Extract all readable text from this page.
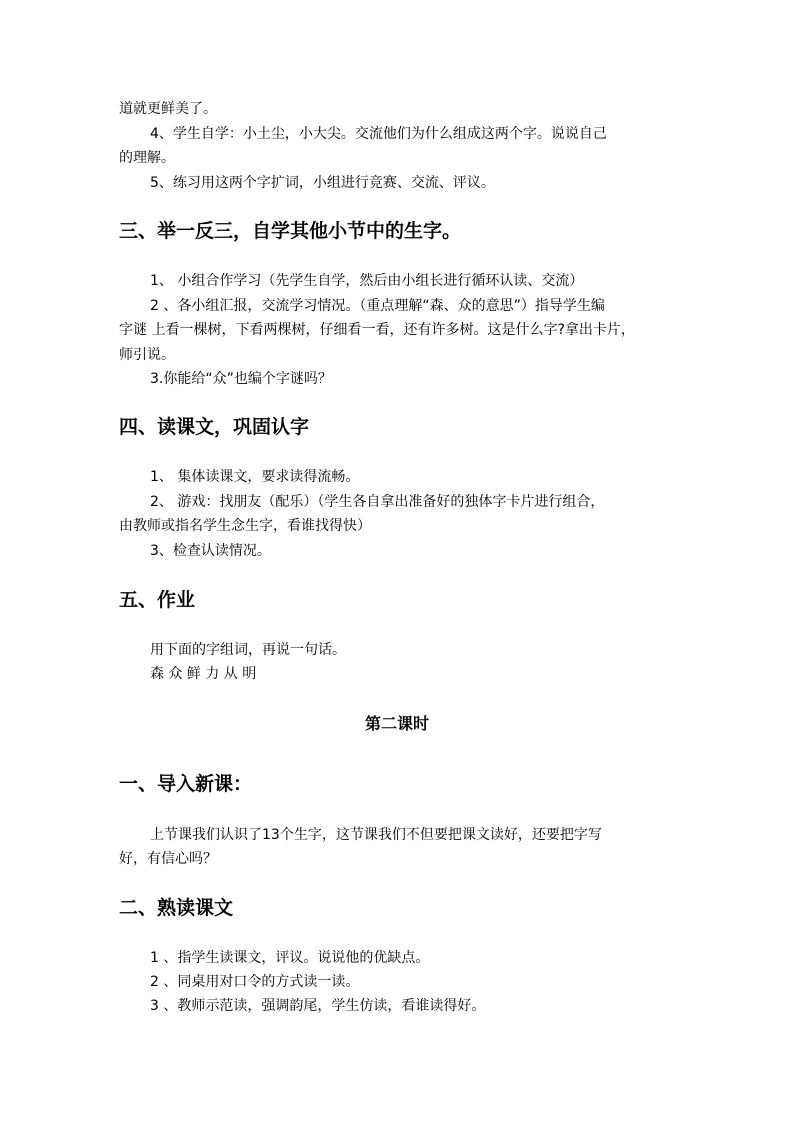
道就更鲜美了。
4、学生自学：小土尘，小大尖。交流他们为什么组成这两个字。说说自己
的理解。
5、练习用这两个字扩词，小组进行竞赛、交流、评议。
三、举一反三，自学其他小节中的生字。
1、 小组合作学习（先学生自学，然后由小组长进行循环认读、交流）
2 、各小组汇报，交流学习情况。（重点理解“森、众的意思”）指导学生编
字谜 上看一棵树，下看两棵树，仔细看一看，还有许多树。这是什么字?拿出卡片，
师引说。
3.你能给“众”也编个字谜吗？
四、读课文，巩固认字
1、 集体读课文，要求读得流畅。
2、 游戏：找朋友（配乐）（学生各自拿出准备好的独体字卡片进行组合，
由教师或指名学生念生字，看谁找得快）
3、检查认读情况。
五、作业
用下面的字组词，再说一句话。
森 众 鲜 力 从 明
第二课时
一、导入新课：
上节课我们认识了13个生字，这节课我们不但要把课文读好，还要把字写
好，有信心吗？
二、熟读课文
1 、指学生读课文，评议。说说他的优缺点。
2 、同桌用对口令的方式读一读。
3 、教师示范读，强调韵尾，学生仿读，看谁读得好。
